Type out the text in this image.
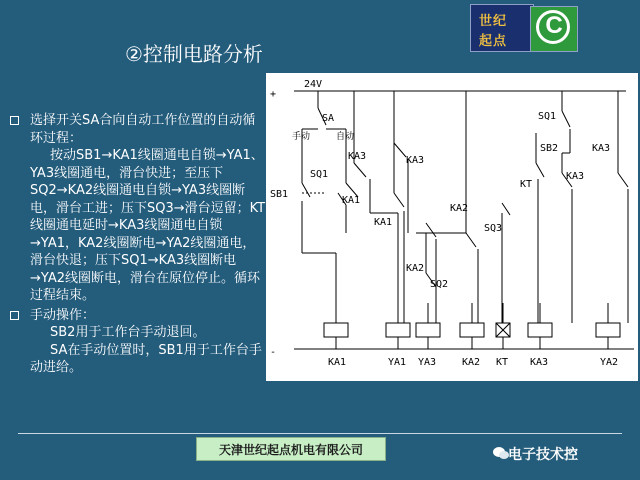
世纪
起点
C
②控制电路分析

选择开关SA合向自动工作位置的自动循环过程：

按动SB1→KA1线圈通电自锁→YA1、YA3线圈通电，滑台快进；至压下SQ2→KA2线圈通电自锁→YA3线圈断电，滑台工进；压下SQ3→滑台逗留；KT线圈通电延时→KA3线圈通电自锁→YA1，KA2线圈断电→YA2线圈通电，滑台快退；压下SQ1→KA3线圈断电→YA2线圈断电，滑台在原位停止。循环过程结束。

手动操作：

SB2用于工作台手动退回。

SA在手动位置时，SB1用于工作台手动进给。

+
-
24V
SA
手动	自动
SQ1
SB1
KA3
KA1
KA3
KA1
KA2
SQ3
KA2
SQ2
KT
SQ1
SB2
KA3
KA3
KA1	YA1 YA3	KA2 KT KA3	YA2
天津世纪起点机电有限公司	电子技术控
